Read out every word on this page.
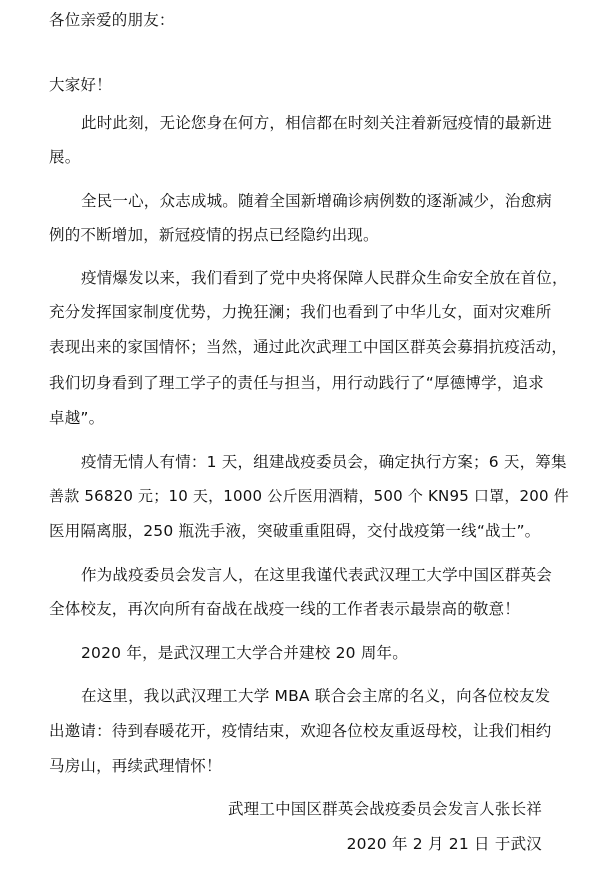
各位亲爱的朋友：
大家好！
此时此刻，无论您身在何方，相信都在时刻关注着新冠疫情的最新进
展。
全民一心，众志成城。随着全国新增确诊病例数的逐渐减少，治愈病
例的不断增加，新冠疫情的拐点已经隐约出现。
疫情爆发以来，我们看到了党中央将保障人民群众生命安全放在首位，
充分发挥国家制度优势，力挽狂澜；我们也看到了中华儿女，面对灾难所
表现出来的家国情怀；当然，通过此次武理工中国区群英会募捐抗疫活动，
我们切身看到了理工学子的责任与担当，用行动践行了“厚德博学，追求
卓越”。
疫情无情人有情：1 天，组建战疫委员会，确定执行方案；6 天，筹集
善款 56820 元；10 天，1000 公斤医用酒精，500 个 KN95 口罩，200 件
医用隔离服，250 瓶洗手液，突破重重阻碍，交付战疫第一线“战士”。
作为战疫委员会发言人，在这里我谨代表武汉理工大学中国区群英会
全体校友，再次向所有奋战在战疫一线的工作者表示最崇高的敬意！
2020 年，是武汉理工大学合并建校 20 周年。
在这里，我以武汉理工大学 MBA 联合会主席的名义，向各位校友发
出邀请：待到春暖花开，疫情结束，欢迎各位校友重返母校，让我们相约
马房山，再续武理情怀！
武理工中国区群英会战疫委员会发言人张长祥
2020 年 2 月 21 日 于武汉
